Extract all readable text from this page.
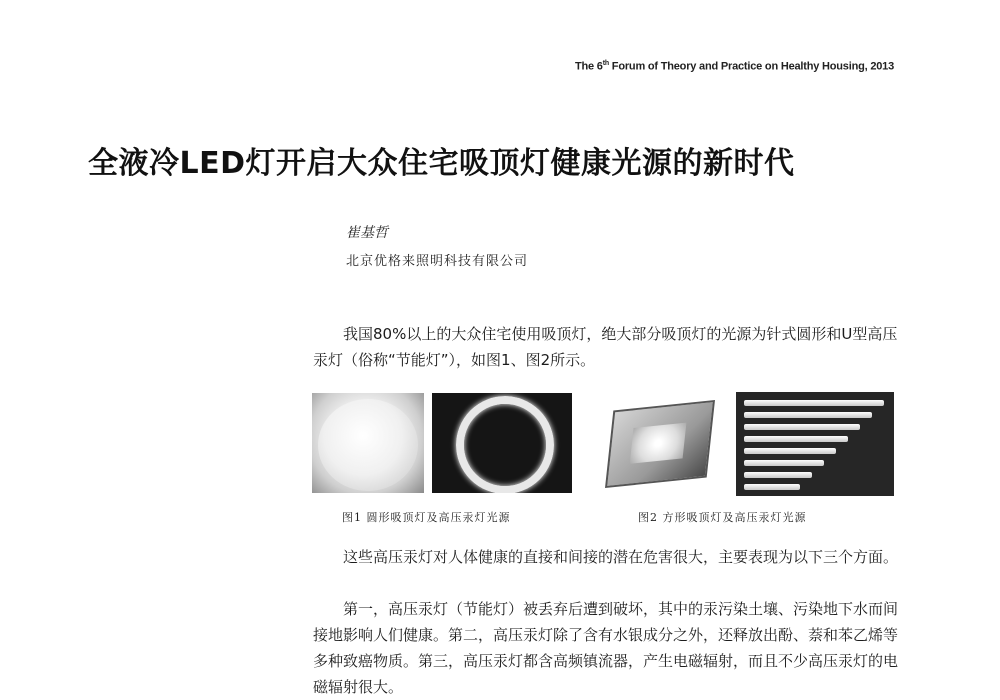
The 6th Forum of Theory and Practice on Healthy Housing, 2013
全液冷LED灯开启大众住宅吸顶灯健康光源的新时代
崔基哲
北京优格来照明科技有限公司

我国80%以上的大众住宅使用吸顶灯，绝大部分吸顶灯的光源为针式圆形和U型高压汞灯（俗称“节能灯”），如图1、图2所示。

图1 圆形吸顶灯及高压汞灯光源	图2 方形吸顶灯及高压汞灯光源

这些高压汞灯对人体健康的直接和间接的潜在危害很大，主要表现为以下三个方面。

第一，高压汞灯（节能灯）被丢弃后遭到破坏，其中的汞污染土壤、污染地下水而间接地影响人们健康。第二，高压汞灯除了含有水银成分之外，还释放出酚、萘和苯乙烯等多种致癌物质。第三，高压汞灯都含高频镇流器，产生电磁辐射，而且不少高压汞灯的电磁辐射很大。
